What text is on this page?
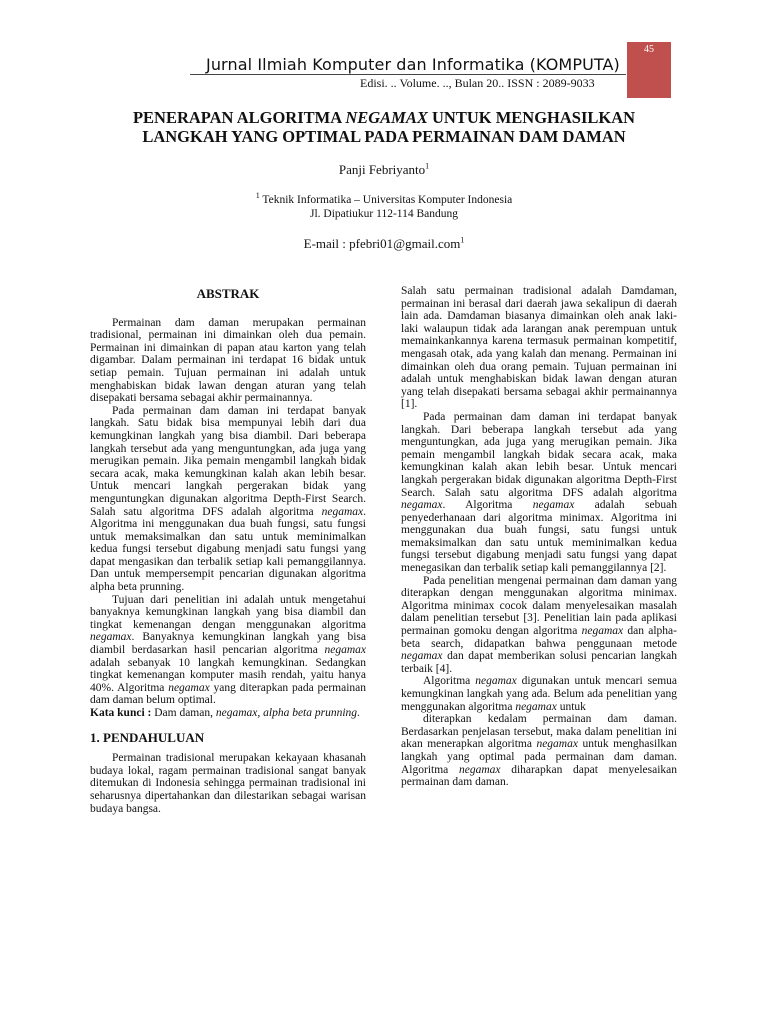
45
Jurnal Ilmiah Komputer dan Informatika (KOMPUTA)
Edisi. .. Volume. .., Bulan 20.. ISSN : 2089-9033
PENERAPAN ALGORITMA NEGAMAX UNTUK MENGHASILKAN
LANGKAH YANG OPTIMAL PADA PERMAINAN DAM DAMAN
Panji Febriyanto$^1$
$^1$ Teknik Informatika – Universitas Komputer Indonesia
Jl. Dipatiukur 112-114 Bandung
E-mail : pfebri01@gmail.com$^1$
ABSTRAK

Permainan dam daman merupakan permainan tradisional, permainan ini dimainkan oleh dua pemain. Permainan ini dimainkan di papan atau karton yang telah digambar. Dalam permainan ini terdapat 16 bidak untuk setiap pemain. Tujuan permainan ini adalah untuk menghabiskan bidak lawan dengan aturan yang telah disepakati bersama sebagai akhir permainannya.

Pada permainan dam daman ini terdapat banyak langkah. Satu bidak bisa mempunyai lebih dari dua kemungkinan langkah yang bisa diambil. Dari beberapa langkah tersebut ada yang menguntungkan, ada juga yang merugikan pemain. Jika pemain mengambil langkah bidak secara acak, maka kemungkinan kalah akan lebih besar. Untuk mencari langkah pergerakan bidak yang menguntungkan digunakan algoritma Depth-First Search. Salah satu algoritma DFS adalah algoritma negamax. Algoritma ini menggunakan dua buah fungsi, satu fungsi untuk memaksimalkan dan satu untuk meminimalkan kedua fungsi tersebut digabung menjadi satu fungsi yang dapat mengasikan dan terbalik setiap kali pemanggilannya. Dan untuk mempersempit pencarian digunakan algoritma alpha beta prunning.

Tujuan dari penelitian ini adalah untuk mengetahui banyaknya kemungkinan langkah yang bisa diambil dan tingkat kemenangan dengan menggunakan algoritma negamax. Banyaknya kemungkinan langkah yang bisa diambil berdasarkan hasil pencarian algoritma negamax adalah sebanyak 10 langkah kemungkinan. Sedangkan tingkat kemenangan komputer masih rendah, yaitu hanya 40%. Algoritma negamax yang diterapkan pada permainan dam daman belum optimal.

Kata kunci : Dam daman, negamax, alpha beta prunning.

1. PENDAHULUAN

Permainan tradisional merupakan kekayaan khasanah budaya lokal, ragam permainan tradisional sangat banyak ditemukan di Indonesia sehingga permainan tradisional ini seharusnya dipertahankan dan dilestarikan sebagai warisan budaya bangsa.

Salah satu permainan tradisional adalah Damdaman, permainan ini berasal dari daerah jawa sekalipun di daerah lain ada. Damdaman biasanya dimainkan oleh anak laki-laki walaupun tidak ada larangan anak perempuan untuk memainkankannya karena termasuk permainan kompetitif, mengasah otak, ada yang kalah dan menang. Permainan ini dimainkan oleh dua orang pemain. Tujuan permainan ini adalah untuk menghabiskan bidak lawan dengan aturan yang telah disepakati bersama sebagai akhir permainannya [1].

Pada permainan dam daman ini terdapat banyak langkah. Dari beberapa langkah tersebut ada yang menguntungkan, ada juga yang merugikan pemain. Jika pemain mengambil langkah bidak secara acak, maka kemungkinan kalah akan lebih besar. Untuk mencari langkah pergerakan bidak digunakan algoritma Depth-First Search. Salah satu algoritma DFS adalah algoritma negamax. Algoritma negamax adalah sebuah penyederhanaan dari algoritma minimax. Algoritma ini menggunakan dua buah fungsi, satu fungsi untuk memaksimalkan dan satu untuk meminimalkan kedua fungsi tersebut digabung menjadi satu fungsi yang dapat menegasikan dan terbalik setiap kali pemanggilannya [2].

Pada penelitian mengenai permainan dam daman yang diterapkan dengan menggunakan algoritma minimax. Algoritma minimax cocok dalam menyelesaikan masalah dalam penelitian tersebut [3]. Penelitian lain pada aplikasi permainan gomoku dengan algoritma negamax dan alpha-beta search, didapatkan bahwa penggunaan metode negamax dan dapat memberikan solusi pencarian langkah terbaik [4].

Algoritma negamax digunakan untuk mencari semua kemungkinan langkah yang ada. Belum ada penelitian yang menggunakan algoritma negamax untuk

diterapkan kedalam permainan dam daman. Berdasarkan penjelasan tersebut, maka dalam penelitian ini akan menerapkan algoritma negamax untuk menghasilkan langkah yang optimal pada permainan dam daman. Algoritma negamax diharapkan dapat menyelesaikan permainan dam daman.
